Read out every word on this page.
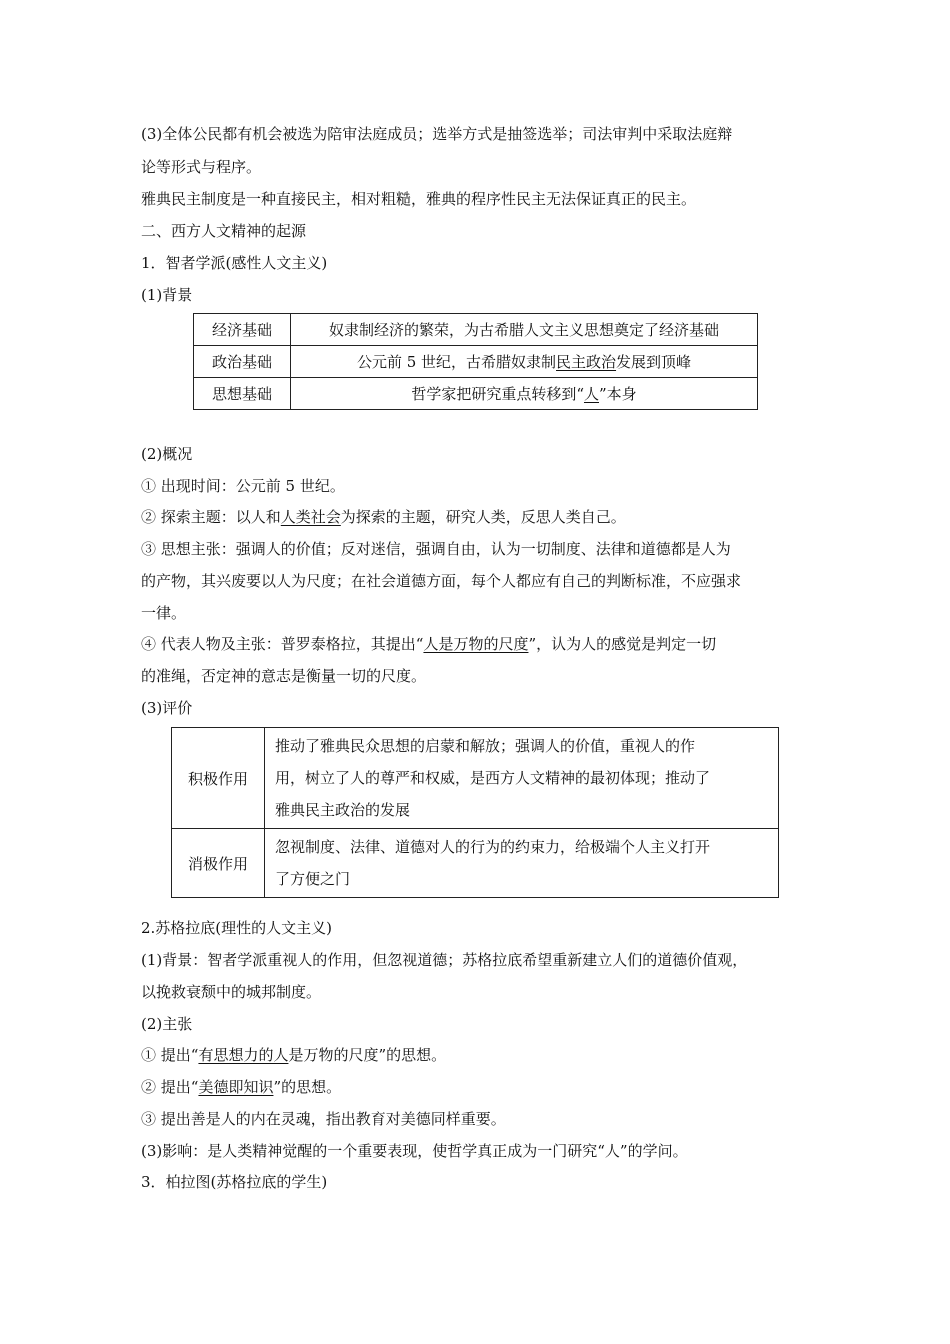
(3)全体公民都有机会被选为陪审法庭成员；选举方式是抽签选举；司法审判中采取法庭辩
论等形式与程序。
雅典民主制度是一种直接民主，相对粗糙，雅典的程序性民主无法保证真正的民主。
二、西方人文精神的起源
1．智者学派(感性人文主义)
(1)背景
经济基础	奴隶制经济的繁荣，为古希腊人文主义思想奠定了经济基础
政治基础	公元前 5 世纪，古希腊奴隶制民主政治发展到顶峰
思想基础	哲学家把研究重点转移到“人”本身
(2)概况
① 出现时间：公元前 5 世纪。
② 探索主题：以人和人类社会为探索的主题，研究人类，反思人类自己。
③ 思想主张：强调人的价值；反对迷信，强调自由，认为一切制度、法律和道德都是人为
的产物，其兴废要以人为尺度；在社会道德方面，每个人都应有自己的判断标准，不应强求
一律。
④ 代表人物及主张：普罗泰格拉，其提出“人是万物的尺度”，认为人的感觉是判定一切
的准绳，否定神的意志是衡量一切的尺度。
(3)评价
积极作用	推动了雅典民众思想的启蒙和解放；强调人的价值，重视人的作
用，树立了人的尊严和权威，是西方人文精神的最初体现；推动了
雅典民主政治的发展

消极作用	忽视制度、法律、道德对人的行为的约束力，给极端个人主义打开
了方便之门
2.苏格拉底(理性的人文主义)
(1)背景：智者学派重视人的作用，但忽视道德；苏格拉底希望重新建立人们的道德价值观，
以挽救衰颓中的城邦制度。
(2)主张
① 提出“有思想力的人是万物的尺度”的思想。
② 提出“美德即知识”的思想。
③ 提出善是人的内在灵魂，指出教育对美德同样重要。
(3)影响：是人类精神觉醒的一个重要表现，使哲学真正成为一门研究“人”的学问。
3．柏拉图(苏格拉底的学生)
